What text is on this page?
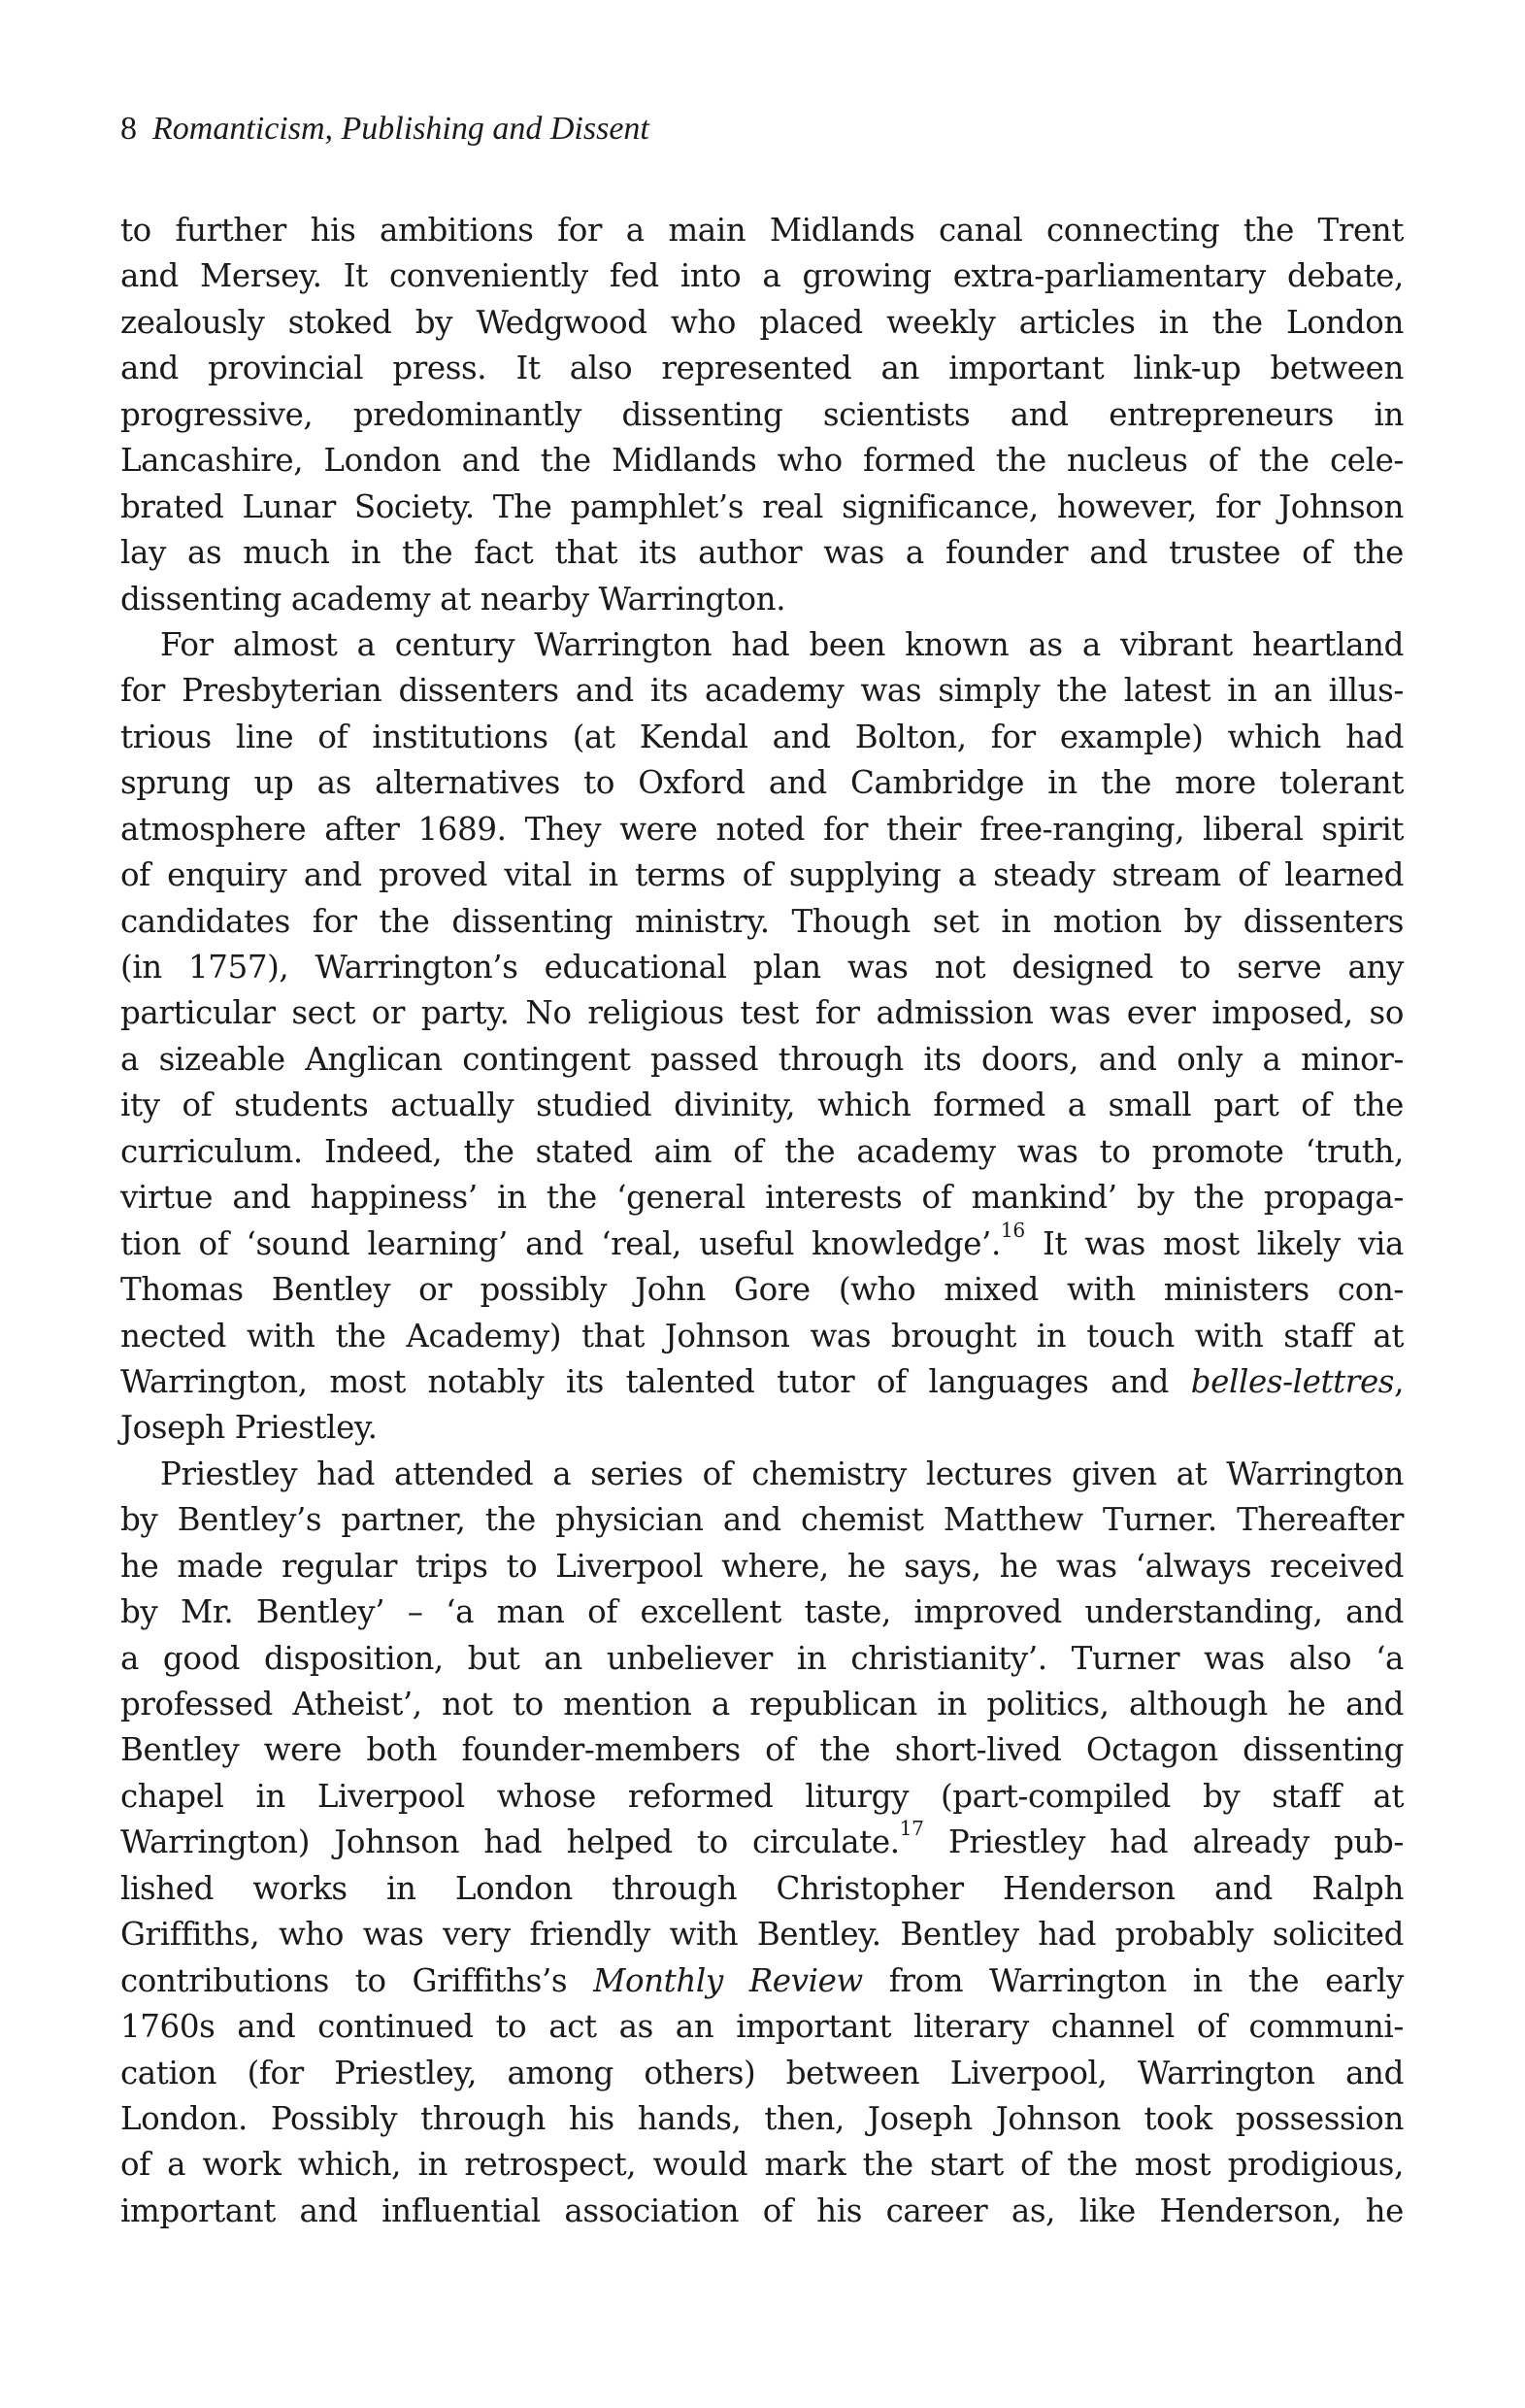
8 Romanticism, Publishing and Dissent
to further his ambitions for a main Midlands canal connecting the Trent
and Mersey. It conveniently fed into a growing extra-parliamentary debate,
zealously stoked by Wedgwood who placed weekly articles in the London
and provincial press. It also represented an important link-up between
progressive, predominantly dissenting scientists and entrepreneurs in
Lancashire, London and the Midlands who formed the nucleus of the cele-
brated Lunar Society. The pamphlet’s real significance, however, for Johnson
lay as much in the fact that its author was a founder and trustee of the
dissenting academy at nearby Warrington.
For almost a century Warrington had been known as a vibrant heartland
for Presbyterian dissenters and its academy was simply the latest in an illus-
trious line of institutions (at Kendal and Bolton, for example) which had
sprung up as alternatives to Oxford and Cambridge in the more tolerant
atmosphere after 1689. They were noted for their free-ranging, liberal spirit
of enquiry and proved vital in terms of supplying a steady stream of learned
candidates for the dissenting ministry. Though set in motion by dissenters
(in 1757), Warrington’s educational plan was not designed to serve any
particular sect or party. No religious test for admission was ever imposed, so
a sizeable Anglican contingent passed through its doors, and only a minor-
ity of students actually studied divinity, which formed a small part of the
curriculum. Indeed, the stated aim of the academy was to promote ‘truth,
virtue and happiness’ in the ‘general interests of mankind’ by the propaga-
tion of ‘sound learning’ and ‘real, useful knowledge’.$^{16}$ It was most likely via
Thomas Bentley or possibly John Gore (who mixed with ministers con-
nected with the Academy) that Johnson was brought in touch with staff at
Warrington, most notably its talented tutor of languages and belles-lettres,
Joseph Priestley.
Priestley had attended a series of chemistry lectures given at Warrington
by Bentley’s partner, the physician and chemist Matthew Turner. Thereafter
he made regular trips to Liverpool where, he says, he was ‘always received
by Mr. Bentley’ – ‘a man of excellent taste, improved understanding, and
a good disposition, but an unbeliever in christianity’. Turner was also ‘a
professed Atheist’, not to mention a republican in politics, although he and
Bentley were both founder-members of the short-lived Octagon dissenting
chapel in Liverpool whose reformed liturgy (part-compiled by staff at
Warrington) Johnson had helped to circulate.$^{17}$ Priestley had already pub-
lished works in London through Christopher Henderson and Ralph
Griffiths, who was very friendly with Bentley. Bentley had probably solicited
contributions to Griffiths’s Monthly Review from Warrington in the early
1760s and continued to act as an important literary channel of communi-
cation (for Priestley, among others) between Liverpool, Warrington and
London. Possibly through his hands, then, Joseph Johnson took possession
of a work which, in retrospect, would mark the start of the most prodigious,
important and influential association of his career as, like Henderson, he
